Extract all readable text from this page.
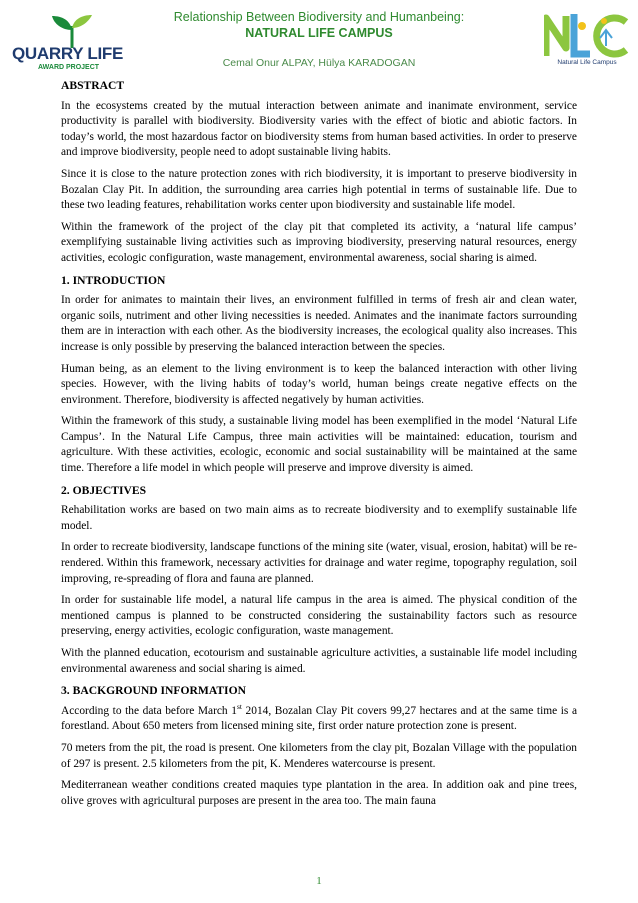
QUARRY LIFE
AWARD PROJECT
Relationship Between Biodiversity and Humanbeing:
NATURAL LIFE CAMPUS
Cemal Onur ALPAY, Hülya KARADOGAN	Natural Life Campus
ABSTRACT

In the ecosystems created by the mutual interaction between animate and inanimate environment, service productivity is parallel with biodiversity. Biodiversity varies with the effect of biotic and abiotic factors. In today’s world, the most hazardous factor on biodiversity stems from human based activities. In order to preserve and improve biodiversity, people need to adopt sustainable living habits.

Since it is close to the nature protection zones with rich biodiversity, it is important to preserve biodiversity in Bozalan Clay Pit. In addition, the surrounding area carries high potential in terms of sustainable life. Due to these two leading features, rehabilitation works center upon biodiversity and sustainable life model.

Within the framework of the project of the clay pit that completed its activity, a ‘natural life campus’ exemplifying sustainable living activities such as improving biodiversity, preserving natural resources, energy activities, ecologic configuration, waste management, environmental awareness, social sharing is aimed.

1. INTRODUCTION

In order for animates to maintain their lives, an environment fulfilled in terms of fresh air and clean water, organic soils, nutriment and other living necessities is needed. Animates and the inanimate factors surrounding them are in interaction with each other. As the biodiversity increases, the ecological quality also increases. This increase is only possible by preserving the balanced interaction between the species.

Human being, as an element to the living environment is to keep the balanced interaction with other living species. However, with the living habits of today’s world, human beings create negative effects on the environment. Therefore, biodiversity is affected negatively by human activities.

Within the framework of this study, a sustainable living model has been exemplified in the model ‘Natural Life Campus’. In the Natural Life Campus, three main activities will be maintained: education, tourism and agriculture. With these activities, ecologic, economic and social sustainability will be maintained at the same time. Therefore a life model in which people will preserve and improve diversity is aimed.

2. OBJECTIVES

Rehabilitation works are based on two main aims as to recreate biodiversity and to exemplify sustainable life model.

In order to recreate biodiversity, landscape functions of the mining site (water, visual, erosion, habitat) will be re-rendered. Within this framework, necessary activities for drainage and water regime, topography regulation, soil improving, re-spreading of flora and fauna are planned.

In order for sustainable life model, a natural life campus in the area is aimed. The physical condition of the mentioned campus is planned to be constructed considering the sustainability factors such as resource preserving, energy activities, ecologic configuration, waste management.

With the planned education, ecotourism and sustainable agriculture activities, a sustainable life model including environmental awareness and social sharing is aimed.

3. BACKGROUND INFORMATION

According to the data before March 1st 2014, Bozalan Clay Pit covers 99,27 hectares and at the same time is a forestland. About 650 meters from licensed mining site, first order nature protection zone is present.

70 meters from the pit, the road is present. One kilometers from the clay pit, Bozalan Village with the population of 297 is present. 2.5 kilometers from the pit, K. Menderes watercourse is present.

Mediterranean weather conditions created maquies type plantation in the area. In addition oak and pine trees, olive groves with agricultural purposes are present in the area too. The main fauna

1
